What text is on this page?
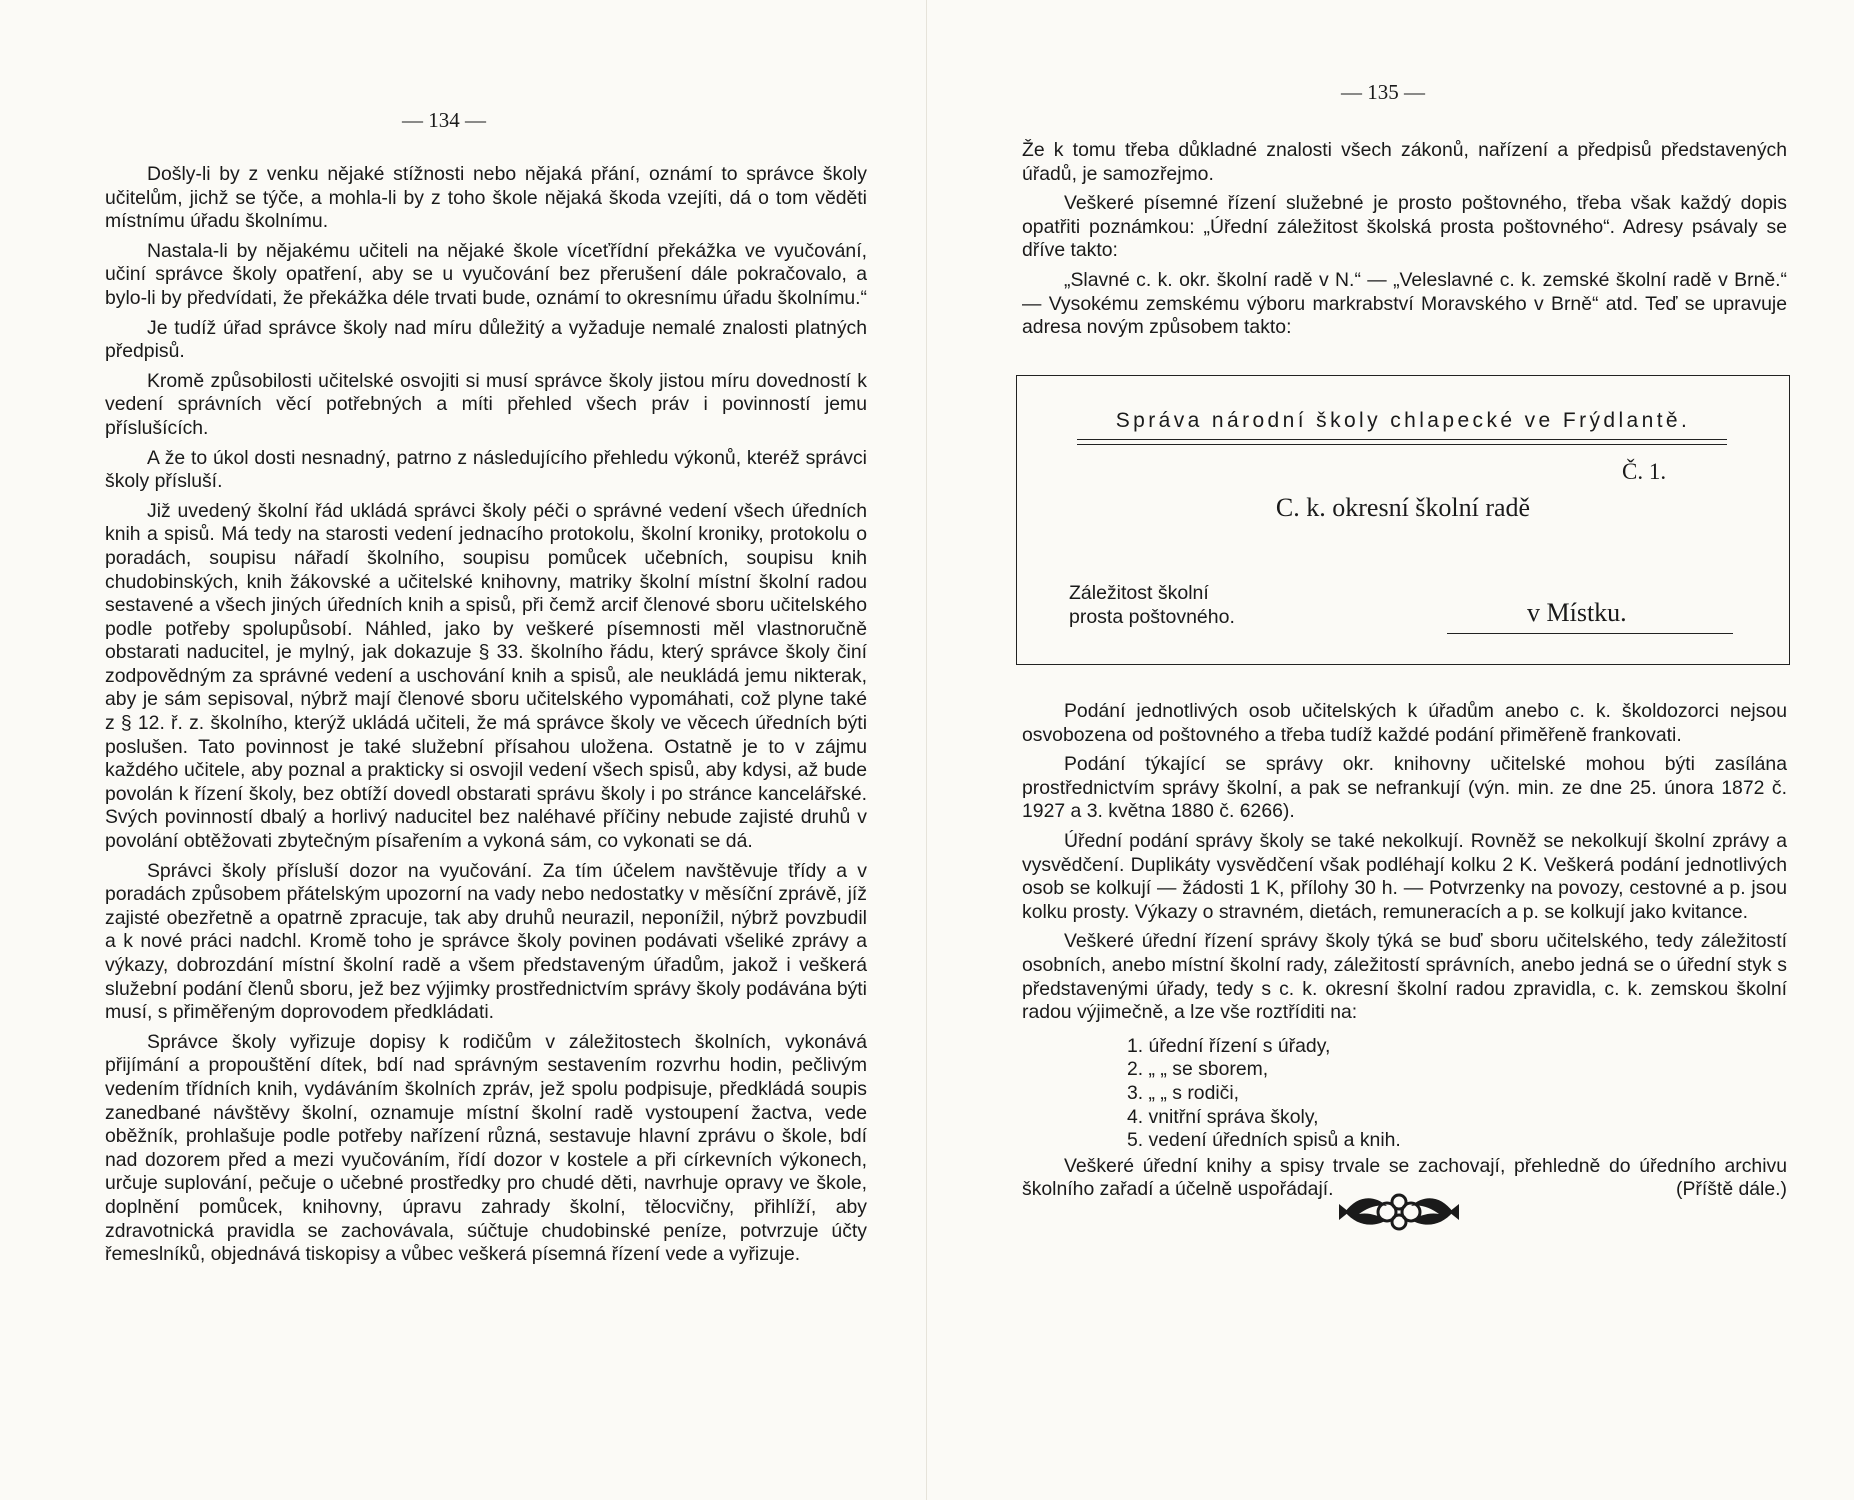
— 134 —

Došly-li by z venku nějaké stížnosti nebo nějaká přání, oznámí to správce školy učitelům, jichž se týče, a mohla-li by z toho škole nějaká škoda vzejíti, dá o tom věděti místnímu úřadu školnímu.

Nastala-li by nějakému učiteli na nějaké škole víceťřídní překážka ve vyučování, učiní správce školy opatření, aby se u vyučování bez přerušení dále pokračovalo, a bylo-li by předvídati, že překážka déle trvati bude, oznámí to okresnímu úřadu školnímu.“

Je tudíž úřad správce školy nad míru důležitý a vyžaduje nemalé znalosti platných předpisů.

Kromě způsobilosti učitelské osvojiti si musí správce školy jistou míru dovedností k vedení správních věcí potřebných a míti přehled všech práv i povinností jemu příslušících.

A že to úkol dosti nesnadný, patrno z následujícího přehledu výkonů, kteréž správci školy přísluší.

Již uvedený školní řád ukládá správci školy péči o správné vedení všech úředních knih a spisů. Má tedy na starosti vedení jednacího protokolu, školní kroniky, protokolu o poradách, soupisu nářadí školního, soupisu pomůcek učebních, soupisu knih chudobinských, knih žákovské a učitelské knihovny, matriky školní místní školní radou sestavené a všech jiných úředních knih a spisů, při čemž arcif členové sboru učitelského podle potřeby spolupůsobí. Náhled, jako by veškeré písemnosti měl vlastnoručně obstarati naducitel, je mylný, jak dokazuje § 33. školního řádu, který správce školy činí zodpovědným za správné vedení a uschování knih a spisů, ale neukládá jemu nikterak, aby je sám sepisoval, nýbrž mají členové sboru učitelského vypomáhati, což plyne také z § 12. ř. z. školního, kterýž ukládá učiteli, že má správce školy ve věcech úředních býti poslušen. Tato povinnost je také služební přísahou uložena. Ostatně je to v zájmu každého učitele, aby poznal a prakticky si osvojil vedení všech spisů, aby kdysi, až bude povolán k řízení školy, bez obtíží dovedl obstarati správu školy i po stránce kancelářské. Svých povinností dbalý a horlivý naducitel bez naléhavé příčiny nebude zajisté druhů v povolání obtěžovati zbytečným písařením a vykoná sám, co vykonati se dá.

Správci školy přísluší dozor na vyučování. Za tím účelem navštěvuje třídy a v poradách způsobem přátelským upozorní na vady nebo nedostatky v měsíční zprávě, jíž zajisté obezřetně a opatrně zpracuje, tak aby druhů neurazil, neponížil, nýbrž povzbudil a k nové práci nadchl. Kromě toho je správce školy povinen podávati všeliké zprávy a výkazy, dobrozdání místní školní radě a všem představeným úřadům, jakož i veškerá služební podání členů sboru, jež bez výjimky prostřednictvím správy školy podávána býti musí, s přiměřeným doprovodem předkládati.

Správce školy vyřizuje dopisy k rodičům v záležitostech školních, vykonává přijímání a propouštění dítek, bdí nad správným sestavením rozvrhu hodin, pečlivým vedením třídních knih, vydáváním školních zpráv, jež spolu podpisuje, předkládá soupis zanedbané návštěvy školní, oznamuje místní školní radě vystoupení žactva, vede oběžník, prohlašuje podle potřeby nařízení různá, sestavuje hlavní zprávu o škole, bdí nad dozorem před a mezi vyučováním, řídí dozor v kostele a při církevních výkonech, určuje suplování, pečuje o učebné prostředky pro chudé děti, navrhuje opravy ve škole, doplnění pomůcek, knihovny, úpravu zahrady školní, tělocvičny, přihlíží, aby zdravotnická pravidla se zachovávala, súčtuje chudobinské peníze, potvrzuje účty řemeslníků, objednává tiskopisy a vůbec veškerá písemná řízení vede a vyřizuje.

— 135 —

Že k tomu třeba důkladné znalosti všech zákonů, nařízení a předpisů představených úřadů, je samozřejmo.

Veškeré písemné řízení služebné je prosto poštovného, třeba však každý dopis opatřiti poznámkou: „Úřední záležitost školská prosta poštovného“. Adresy psávaly se dříve takto:

„Slavné c. k. okr. školní radě v N.“ — „Veleslavné c. k. zemské školní radě v Brně.“ — Vysokému zemskému výboru markrabství Moravského v Brně“ atd. Teď se upravuje adresa novým způsobem takto:

Správa národní školy chlapecké ve Frýdlantě.
Č. 1.
C. k. okresní školní radě
Záležitost školní
prosta poštovného.	v Místku.

Podání jednotlivých osob učitelských k úřadům anebo c. k. školdozorci nejsou osvobozena od poštovného a třeba tudíž každé podání přiměřeně frankovati.

Podání týkající se správy okr. knihovny učitelské mohou býti zasílána prostřednictvím správy školní, a pak se nefrankují (výn. min. ze dne 25. února 1872 č. 1927 a 3. května 1880 č. 6266).

Úřední podání správy školy se také nekolkují. Rovněž se nekolkují školní zprávy a vysvědčení. Duplikáty vysvědčení však podléhají kolku 2 K. Veškerá podání jednotlivých osob se kolkují — žádosti 1 K, přílohy 30 h. — Potvrzenky na povozy, cestovné a p. jsou kolku prosty. Výkazy o stravném, dietách, remuneracích a p. se kolkují jako kvitance.

Veškeré úřední řízení správy školy týká se buď sboru učitelského, tedy záležitostí osobních, anebo místní školní rady, záležitostí správních, anebo jedná se o úřední styk s představenými úřady, tedy s c. k. okresní školní radou zpravidla, c. k. zemskou školní radou výjimečně, a lze vše roztříditi na:

1. úřední řízení s úřady,
2. „ „ se sborem,
3. „ „ s rodiči,
4. vnitřní správa školy,
5. vedení úředních spisů a knih.

Veškeré úřední knihy a spisy trvale se zachovají, přehledně do úředního archivu školního zařadí a účelně uspořádají.	(Příště dále.)
